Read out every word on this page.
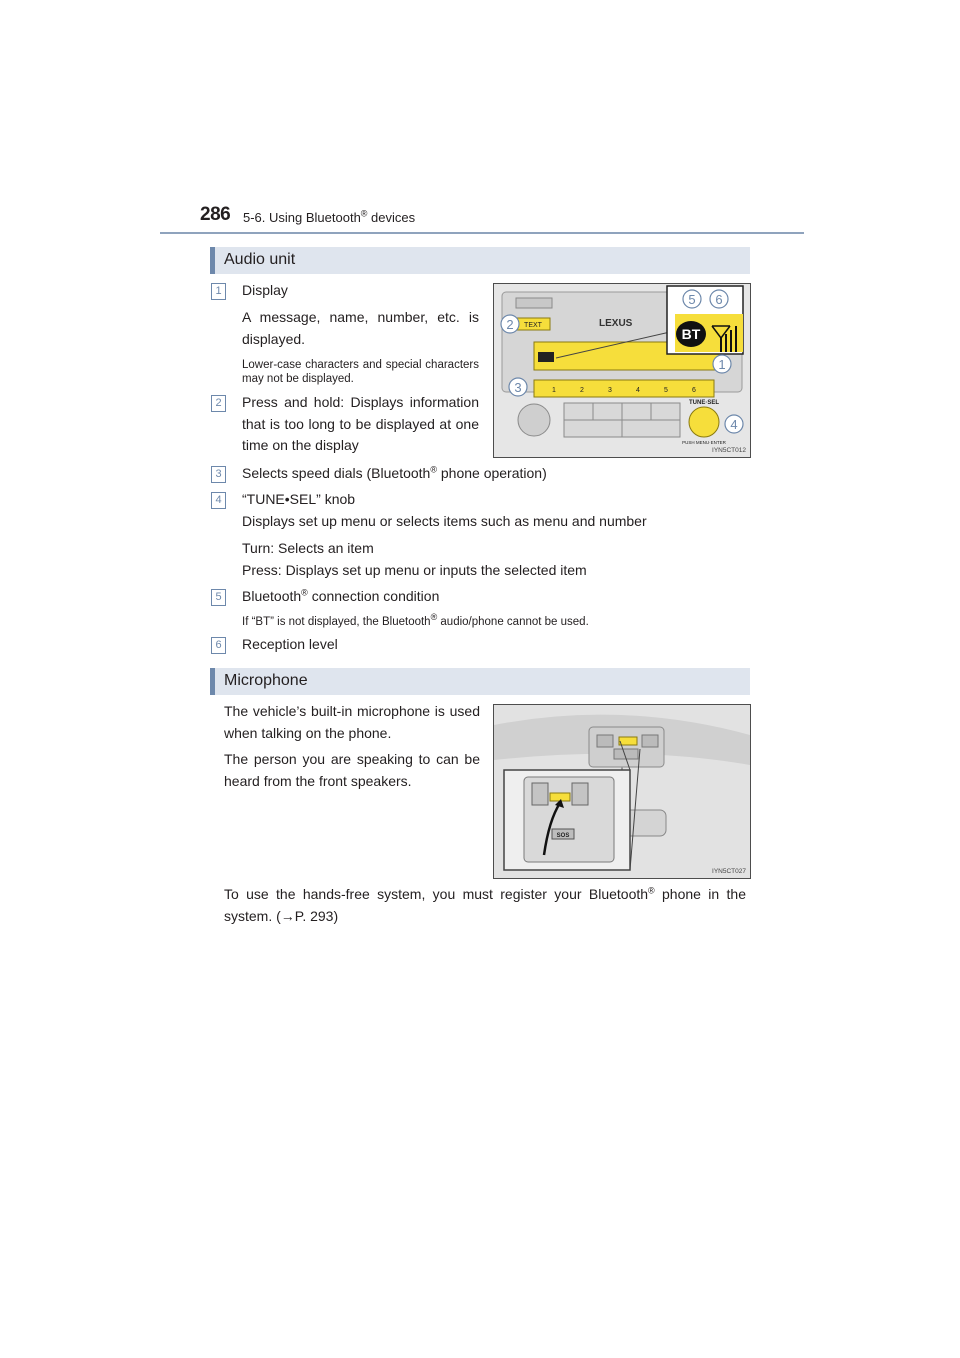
286 5-6. Using Bluetooth® devices
Audio unit
TEXT	LEXUS
1	2	3	4	5	6
TUNE·SEL
PUSH MENU·ENTER
BT
5 6
2
1
3
4
IYN5CT012
1	Display
A message, name, number, etc. is displayed.
Lower-case characters and special characters may not be displayed.
2	Press and hold: Displays information that is too long to be displayed at one time on the display
3	Selects speed dials (Bluetooth® phone operation)
4	“TUNE•SEL” knob
Displays set up menu or selects items such as menu and number
Turn: Selects an item
Press: Displays set up menu or inputs the selected item
5	Bluetooth® connection condition
If “BT” is not displayed, the Bluetooth® audio/phone cannot be used.
6	Reception level
Microphone
The vehicle’s built-in microphone is used when talking on the phone.
The person you are speaking to can be heard from the front speakers.
SOS
IYN5CT027
To use the hands-free system, you must register your Bluetooth® phone in the system. (→P. 293)
